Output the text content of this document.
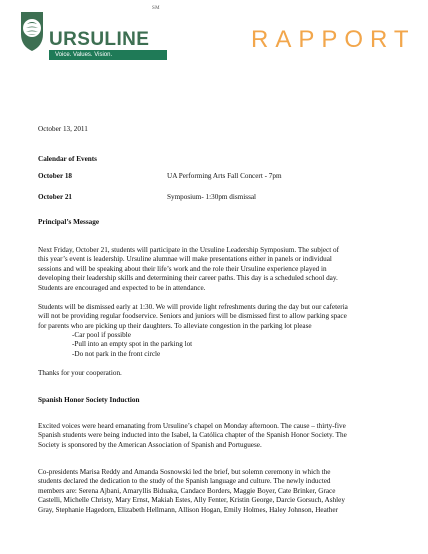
SM
URSULINE
Voice. Values. Vision.
RAPPORT

October 13, 2011

Calendar of Events

October 18	UA Performing Arts Fall Concert - 7pm
October 21	Symposium- 1:30pm dismissal

Principal’s Message

Next Friday, October 21, students will participate in the Ursuline Leadership Symposium. The subject of
this year’s event is leadership. Ursuline alumnae will make presentations either in panels or individual
sessions and will be speaking about their life’s work and the role their Ursuline experience played in
developing their leadership skills and determining their career paths. This day is a scheduled school day.
Students are encouraged and expected to be in attendance.
Students will be dismissed early at 1:30. We will provide light refreshments during the day but our cafeteria
will not be providing regular foodservice. Seniors and juniors will be dismissed first to allow parking space
for parents who are picking up their daughters. To alleviate congestion in the parking lot please
-Car pool if possible
-Pull into an empty spot in the parking lot
-Do not park in the front circle
Thanks for your cooperation.
Spanish Honor Society Induction
Excited voices were heard emanating from Ursuline’s chapel on Monday afternoon. The cause – thirty-five
Spanish students were being inducted into the Isabel, la Católica chapter of the Spanish Honor Society. The
Society is sponsored by the American Association of Spanish and Portuguese.
Co-presidents Marisa Reddy and Amanda Sosnowski led the brief, but solemn ceremony in which the
students declared the dedication to the study of the Spanish language and culture. The newly inducted
members are: Serena Ajbani, Amaryllis Biduaka, Candace Borders, Maggie Boyer, Cate Brinker, Grace
Castelli, Michelle Christy, Mary Ernst, Makiah Estes, Ally Fenter, Kristin George, Darcie Gorsuch, Ashley
Gray, Stephanie Hagedorn, Elizabeth Hellmann, Allison Hogan, Emily Holmes, Haley Johnson, Heather
